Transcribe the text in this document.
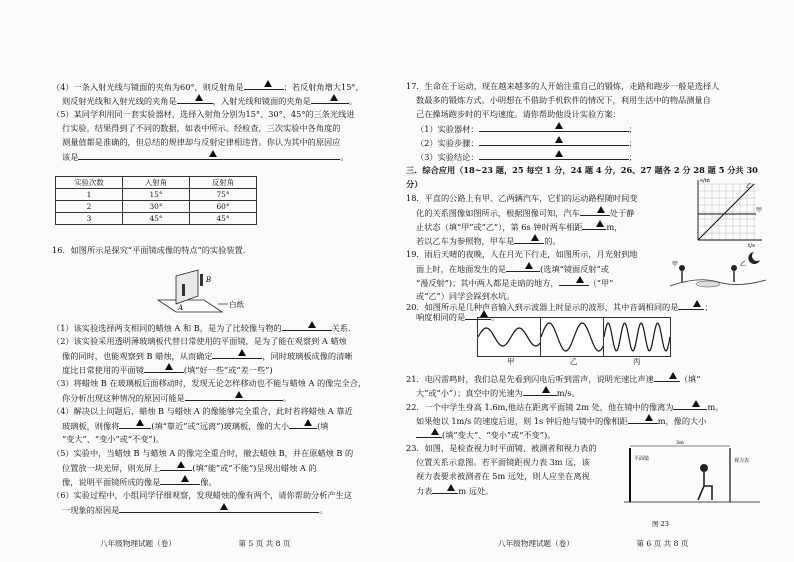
（4）一条入射光线与镜面的夹角为60°，则反射角是	；若反射角增大15°，
则反射光线和入射光线的夹角是	，入射光线和镜面的夹角是	。
（5）某同学利用同一套实验器材，选择入射角分别为15°、30°、45°的三条光线进
行实验，结果得到了不同的数据，如表中所示。经检查，三次实验中各角度的
测量值都是准确的，但总结的规律却与反射定律相违背。你认为其中的原因应
该是	。
实验次数	入射角	反射角
1	15°	75°
2	30°	60°
3	45°	45°
16．如图所示是探究“平面镜成像的特点”的实验装置．
A
B
白纸
（1）该实验选择两支相同的蜡烛 A 和 B，是为了比较像与物的	关系.
（2）该实验采用透明薄玻璃板代替日常使用的平面镜，是为了能在观察到 A 蜡烛
像的同时，也能观察到 B 蜡烛，从而确定	，同时玻璃板成像的清晰
度比日常使用的平面镜	(填“好一些”或“差一些”)
（3）将蜡烛 B 在玻璃板后面移动时，发现无论怎样移动也不能与蜡烛 A 的像完全合，
你分析出现这种情况的原因可能是	。
（4）解决以上问题后，蜡烛 B 与蜡烛 A 的像能够完全重合，此时若将蜡烛 A 靠近
玻璃板，则像将	(填“靠近”或“远离”)玻璃板，像的大小	(填
“变大”、“变小”或“不变”)。
（5）实验中，当蜡烛 B 与蜡烛 A 的像完全重合时，撤去蜡烛 B，并在原蜡烛 B 的
位置放一块光屏，则光屏上	(填“能”或“不能”)呈现出蜡烛 A 的
像，说明平面镜所成的像是	像。
（6）实验过程中，小组同学仔细观察，发现蜡烛的像有两个，请你帮助分析产生这
一现象的原因是	。
八年级物理试题（卷）	第 5 页 共 8 页
17．生命在于运动，现在越来越多的人开始注重自己的锻炼，走路和跑步一般是选择人
数最多的锻炼方式。小明想在不借助手机软件的情况下，利用生活中的物品测量自
己在操场跑步时的平均速度。请你帮助他设计实验方案：
（1）实验器材：	；
（2）实验步骤：	；
（3）实验结论：	；
三．综合应用（18~23 题，25 每空 1 分，24 题 4 分，26、27 题各 2 分 28 题 5 分共 30
分）
18．平直的公路上有甲、乙两辆汽车，它们的运动路程随时间变
化的关系图像如图所示，根据图像可知，汽车	处于静
止状态（填“甲”或“乙”），第 6s 钟时两车相距	m，
若以乙车为参照物，甲车是	的。
19．雨后天晴的夜晚，人在月光下行走，如图所示，月光射到地
面上时，在地面发生的是	(选填“镜面反射”或
“漫反射”)；其中两人都是走暗的地方，	（“甲”
或“乙”）同学会踩到水坑。
20．如图所示是几种声音输入到示波器上时显示的波形，其中音调相同的是	；
s/m
t/s
乙
甲
甲	乙
甲	乙	丙
21．电闪雷鸣时，我们总是先看到闪电后听到雷声，说明光速比声速	（填“
大”或“小”）；真空中的光速为	m/s。
22．一个中学生身高 1.6m,他站在距离平面镜 2m 处，他在镜中的像离为	m。
如果他以 1m/s 的速度后退，则 1s 钟后他与镜中的像相距	m，像的大小
(填“变大”、“变小”或“不变”)。
23．如图，是检查视力时平面镜、被测者和视力表的
位置关系示意图。若平面镜距视力表 3m 远，该
视力表要求被测者在 5m 远处，则人应坐在离视
力表	m 远处。
响度相同的是	。
3m
平面镜	视力表
图 23
八年级物理试题（卷）	第 6 页 共 8 页
